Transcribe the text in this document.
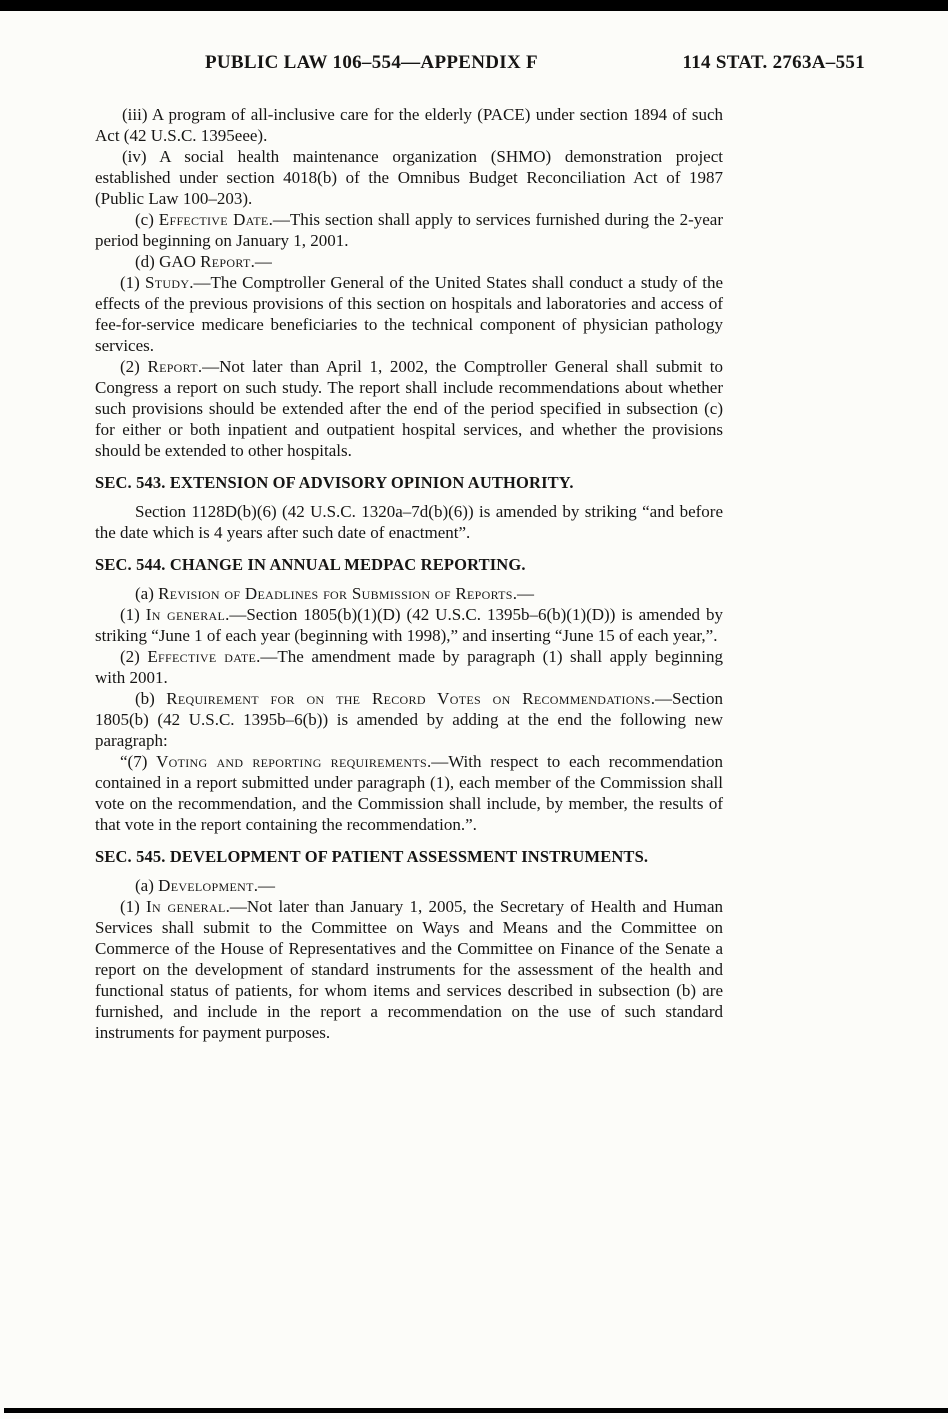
PUBLIC LAW 106–554—APPENDIX F	114 STAT. 2763A–551

(iii) A program of all-inclusive care for the elderly (PACE) under section 1894 of such Act (42 U.S.C. 1395eee).

(iv) A social health maintenance organization (SHMO) demonstration project established under section 4018(b) of the Omnibus Budget Reconciliation Act of 1987 (Public Law 100–203).

(c) Effective Date.—This section shall apply to services furnished during the 2-year period beginning on January 1, 2001.

(d) GAO Report.—

(1) Study.—The Comptroller General of the United States shall conduct a study of the effects of the previous provisions of this section on hospitals and laboratories and access of fee-for-service medicare beneficiaries to the technical component of physician pathology services.

(2) Report.—Not later than April 1, 2002, the Comptroller General shall submit to Congress a report on such study. The report shall include recommendations about whether such provisions should be extended after the end of the period specified in subsection (c) for either or both inpatient and outpatient hospital services, and whether the provisions should be extended to other hospitals.

SEC. 543. EXTENSION OF ADVISORY OPINION AUTHORITY.

Section 1128D(b)(6) (42 U.S.C. 1320a–7d(b)(6)) is amended by striking “and before the date which is 4 years after such date of enactment”.

SEC. 544. CHANGE IN ANNUAL MEDPAC REPORTING.

(a) Revision of Deadlines for Submission of Reports.—

(1) In general.—Section 1805(b)(1)(D) (42 U.S.C. 1395b–6(b)(1)(D)) is amended by striking “June 1 of each year (beginning with 1998),” and inserting “June 15 of each year,”.

(2) Effective date.—The amendment made by paragraph (1) shall apply beginning with 2001.

(b) Requirement for on the Record Votes on Recommendations.—Section 1805(b) (42 U.S.C. 1395b–6(b)) is amended by adding at the end the following new paragraph:

“(7) Voting and reporting requirements.—With respect to each recommendation contained in a report submitted under paragraph (1), each member of the Commission shall vote on the recommendation, and the Commission shall include, by member, the results of that vote in the report containing the recommendation.”.

SEC. 545. DEVELOPMENT OF PATIENT ASSESSMENT INSTRUMENTS.

(a) Development.—

(1) In general.—Not later than January 1, 2005, the Secretary of Health and Human Services shall submit to the Committee on Ways and Means and the Committee on Commerce of the House of Representatives and the Committee on Finance of the Senate a report on the development of standard instruments for the assessment of the health and functional status of patients, for whom items and services described in subsection (b) are furnished, and include in the report a recommendation on the use of such standard instruments for payment purposes.
